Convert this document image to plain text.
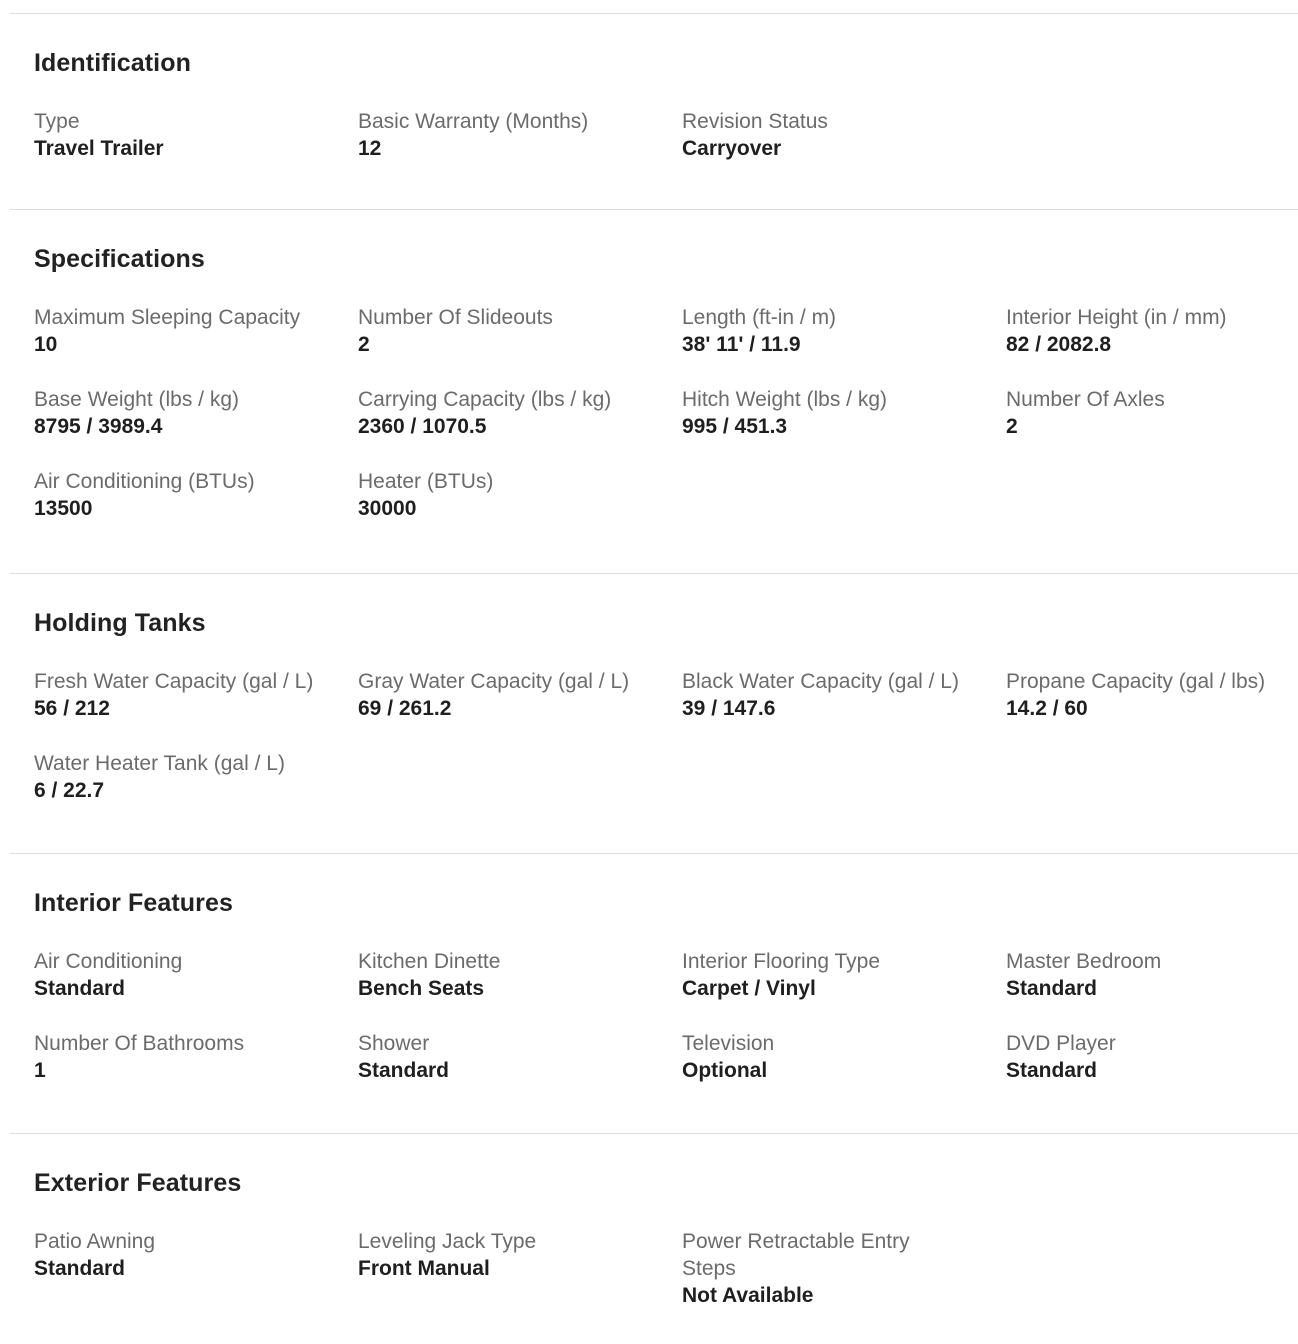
Identification
Type
Travel Trailer
Basic Warranty (Months)
12
Revision Status
Carryover
Specifications
Maximum Sleeping Capacity
10
Number Of Slideouts
2
Length (ft-in / m)
38' 11' / 11.9
Interior Height (in / mm)
82 / 2082.8
Base Weight (lbs / kg)
8795 / 3989.4
Carrying Capacity (lbs / kg)
2360 / 1070.5
Hitch Weight (lbs / kg)
995 / 451.3
Number Of Axles
2
Air Conditioning (BTUs)
13500
Heater (BTUs)
30000
Holding Tanks
Fresh Water Capacity (gal / L)
56 / 212
Gray Water Capacity (gal / L)
69 / 261.2
Black Water Capacity (gal / L)
39 / 147.6
Propane Capacity (gal / lbs)
14.2 / 60
Water Heater Tank (gal / L)
6 / 22.7
Interior Features
Air Conditioning
Standard
Kitchen Dinette
Bench Seats
Interior Flooring Type
Carpet / Vinyl
Master Bedroom
Standard
Number Of Bathrooms
1
Shower
Standard
Television
Optional
DVD Player
Standard
Exterior Features
Patio Awning
Standard
Leveling Jack Type
Front Manual
Power Retractable Entry Steps
Not Available
